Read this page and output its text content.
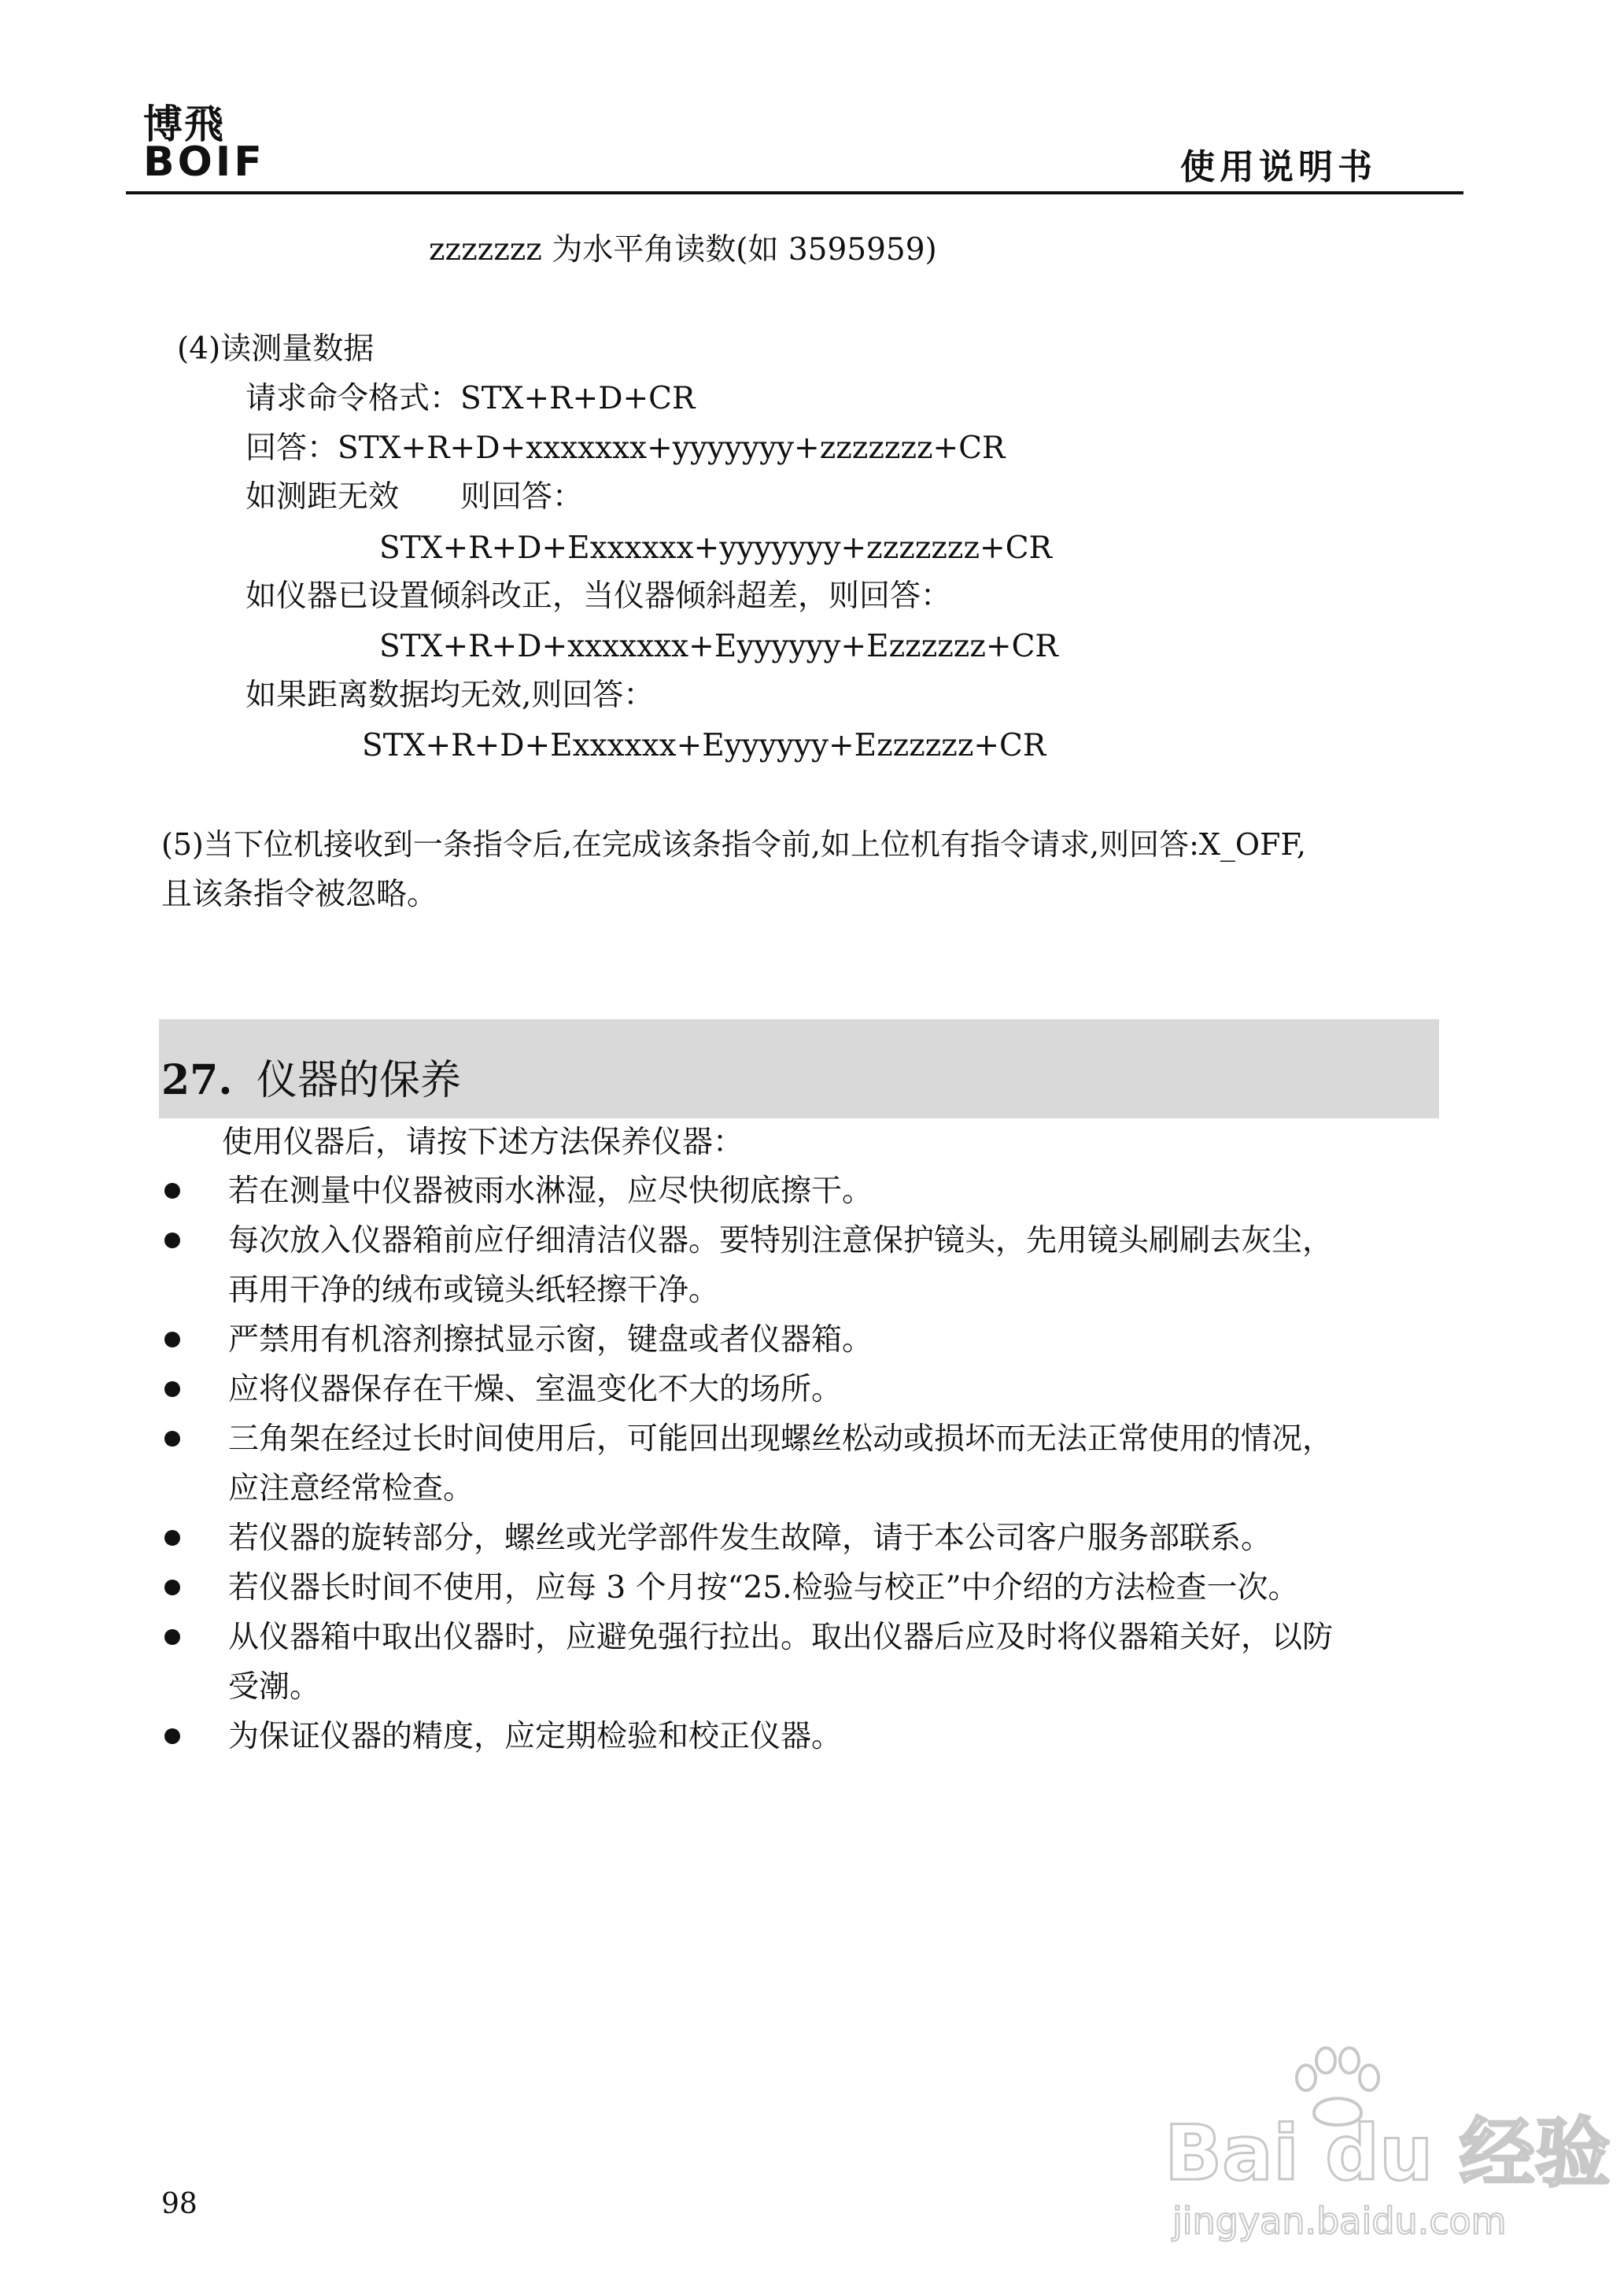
博飛
BOIF	使用说明书
zzzzzzz 为水平角读数(如 3595959)
(4)读测量数据
请求命令格式：STX+R+D+CR
回答：STX+R+D+xxxxxxx+yyyyyyy+zzzzzzz+CR
如测距无效　　则回答：
STX+R+D+Exxxxxx+yyyyyyy+zzzzzzz+CR
如仪器已设置倾斜改正，当仪器倾斜超差，则回答：
STX+R+D+xxxxxxx+Eyyyyyy+Ezzzzzz+CR
如果距离数据均无效,则回答：
STX+R+D+Exxxxxx+Eyyyyyy+Ezzzzzz+CR
(5)当下位机接收到一条指令后,在完成该条指令前,如上位机有指令请求,则回答:X_OFF,
且该条指令被忽略。
27. 仪器的保养
使用仪器后，请按下述方法保养仪器：
若在测量中仪器被雨水淋湿，应尽快彻底擦干。
每次放入仪器箱前应仔细清洁仪器。要特别注意保护镜头，先用镜头刷刷去灰尘，
再用干净的绒布或镜头纸轻擦干净。
严禁用有机溶剂擦拭显示窗，键盘或者仪器箱。
应将仪器保存在干燥、室温变化不大的场所。
三角架在经过长时间使用后，可能回出现螺丝松动或损坏而无法正常使用的情况，
应注意经常检查。
若仪器的旋转部分，螺丝或光学部件发生故障，请于本公司客户服务部联系。
若仪器长时间不使用，应每 3 个月按“25.检验与校正”中介绍的方法检查一次。
从仪器箱中取出仪器时，应避免强行拉出。取出仪器后应及时将仪器箱关好，以防
受潮。
为保证仪器的精度，应定期检验和校正仪器。
Bai du 经验
jingyan.baidu.com
98
